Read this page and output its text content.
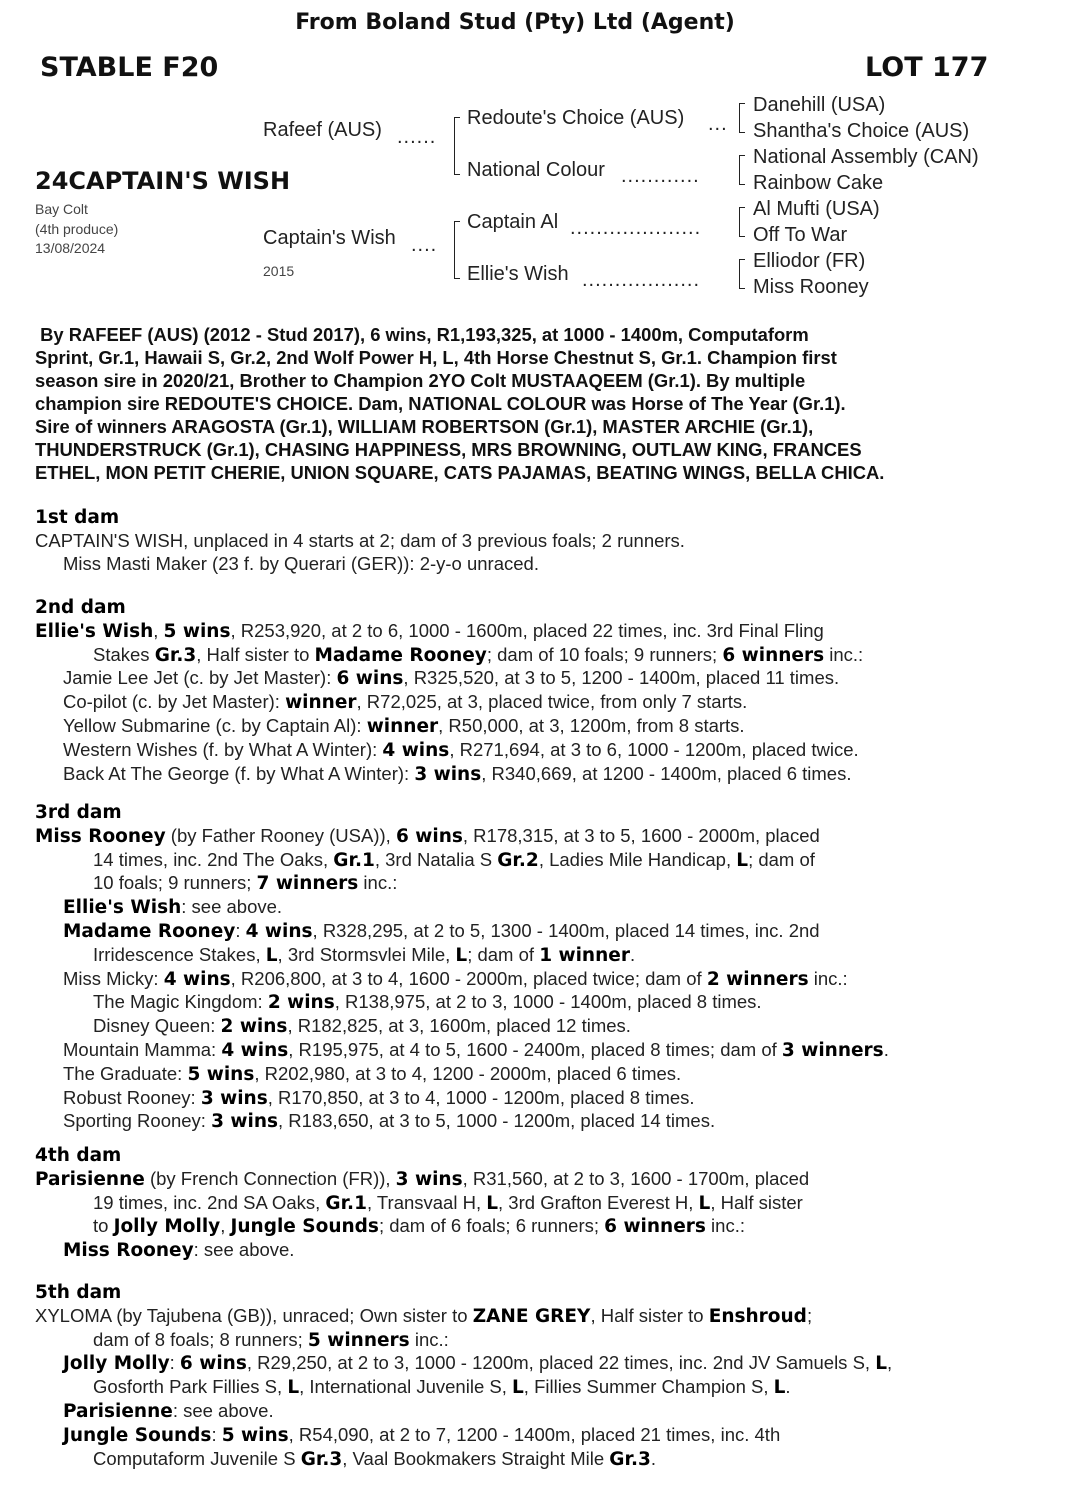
From Boland Stud (Pty) Ltd (Agent)
STABLE F20	LOT 177
24CAPTAIN'S WISH
Bay Colt
(4th produce)
13/08/2024
Rafeef (AUS) ......
Captain's Wish ....
2015
Redoute's Choice (AUS) ...
National Colour ............
Captain Al ....................
Ellie's Wish ..................
Danehill (USA)
Shantha's Choice (AUS)
National Assembly (CAN)
Rainbow Cake
Al Mufti (USA)
Off To War
Elliodor (FR)
Miss Rooney
By RAFEEF (AUS) (2012 - Stud 2017), 6 wins, R1,193,325, at 1000 - 1400m, Computaform
Sprint, Gr.1, Hawaii S, Gr.2, 2nd Wolf Power H, L, 4th Horse Chestnut S, Gr.1. Champion first
season sire in 2020/21, Brother to Champion 2YO Colt MUSTAAQEEM (Gr.1). By multiple
champion sire REDOUTE'S CHOICE. Dam, NATIONAL COLOUR was Horse of The Year (Gr.1).
Sire of winners ARAGOSTA (Gr.1), WILLIAM ROBERTSON (Gr.1), MASTER ARCHIE (Gr.1),
THUNDERSTRUCK (Gr.1), CHASING HAPPINESS, MRS BROWNING, OUTLAW KING, FRANCES
ETHEL, MON PETIT CHERIE, UNION SQUARE, CATS PAJAMAS, BEATING WINGS, BELLA CHICA.
1st dam
CAPTAIN'S WISH, unplaced in 4 starts at 2; dam of 3 previous foals; 2 runners.
Miss Masti Maker (23 f. by Querari (GER)): 2-y-o unraced.
2nd dam
Ellie's Wish, 5 wins, R253,920, at 2 to 6, 1000 - 1600m, placed 22 times, inc. 3rd Final Fling
Stakes Gr.3, Half sister to Madame Rooney; dam of 10 foals; 9 runners; 6 winners inc.:
Jamie Lee Jet (c. by Jet Master): 6 wins, R325,520, at 3 to 5, 1200 - 1400m, placed 11 times.
Co-pilot (c. by Jet Master): winner, R72,025, at 3, placed twice, from only 7 starts.
Yellow Submarine (c. by Captain Al): winner, R50,000, at 3, 1200m, from 8 starts.
Western Wishes (f. by What A Winter): 4 wins, R271,694, at 3 to 6, 1000 - 1200m, placed twice.
Back At The George (f. by What A Winter): 3 wins, R340,669, at 1200 - 1400m, placed 6 times.
3rd dam
Miss Rooney (by Father Rooney (USA)), 6 wins, R178,315, at 3 to 5, 1600 - 2000m, placed
14 times, inc. 2nd The Oaks, Gr.1, 3rd Natalia S Gr.2, Ladies Mile Handicap, L; dam of
10 foals; 9 runners; 7 winners inc.:
Ellie's Wish: see above.
Madame Rooney: 4 wins, R328,295, at 2 to 5, 1300 - 1400m, placed 14 times, inc. 2nd
Irridescence Stakes, L, 3rd Stormsvlei Mile, L; dam of 1 winner.
Miss Micky: 4 wins, R206,800, at 3 to 4, 1600 - 2000m, placed twice; dam of 2 winners inc.:
The Magic Kingdom: 2 wins, R138,975, at 2 to 3, 1000 - 1400m, placed 8 times.
Disney Queen: 2 wins, R182,825, at 3, 1600m, placed 12 times.
Mountain Mamma: 4 wins, R195,975, at 4 to 5, 1600 - 2400m, placed 8 times; dam of 3 winners.
The Graduate: 5 wins, R202,980, at 3 to 4, 1200 - 2000m, placed 6 times.
Robust Rooney: 3 wins, R170,850, at 3 to 4, 1000 - 1200m, placed 8 times.
Sporting Rooney: 3 wins, R183,650, at 3 to 5, 1000 - 1200m, placed 14 times.
4th dam
Parisienne (by French Connection (FR)), 3 wins, R31,560, at 2 to 3, 1600 - 1700m, placed
19 times, inc. 2nd SA Oaks, Gr.1, Transvaal H, L, 3rd Grafton Everest H, L, Half sister
to Jolly Molly, Jungle Sounds; dam of 6 foals; 6 runners; 6 winners inc.:
Miss Rooney: see above.
5th dam
XYLOMA (by Tajubena (GB)), unraced; Own sister to ZANE GREY, Half sister to Enshroud;
dam of 8 foals; 8 runners; 5 winners inc.:
Jolly Molly: 6 wins, R29,250, at 2 to 3, 1000 - 1200m, placed 22 times, inc. 2nd JV Samuels S, L,
Gosforth Park Fillies S, L, International Juvenile S, L, Fillies Summer Champion S, L.
Parisienne: see above.
Jungle Sounds: 5 wins, R54,090, at 2 to 7, 1200 - 1400m, placed 21 times, inc. 4th
Computaform Juvenile S Gr.3, Vaal Bookmakers Straight Mile Gr.3.
